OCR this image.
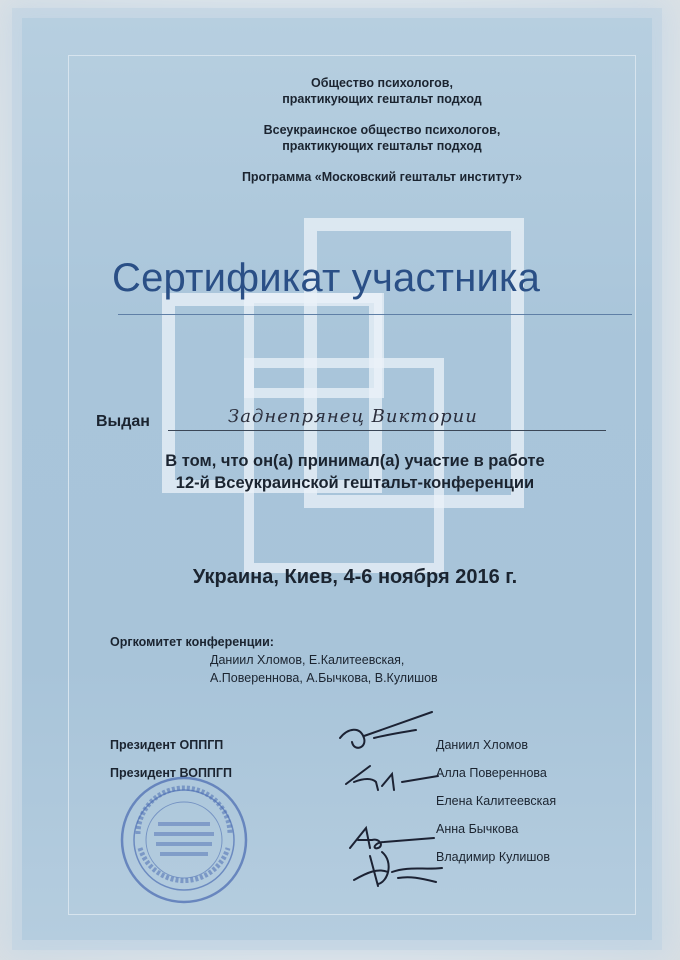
Общество психологов,
практикующих гештальт подход
Всеукраинское общество психологов,
практикующих гештальт подход
Программа «Московский гештальт институт»
Сертификат участника
Выдан	Заднепрянец Виктории
В том, что он(а) принимал(а) участие в работе
12-й Всеукраинской гештальт-конференции
Украина, Киев, 4-6 ноября 2016 г.
Оргкомитет конференции:
Даниил Хломов, Е.Калитеевская,
А.Повереннова, А.Бычкова, В.Кулишов
Президент ОППГП
Президент ВОППГП
Даниил Хломов
Алла Повереннова
Елена Калитеевская
Анна Бычкова
Владимир Кулишов
